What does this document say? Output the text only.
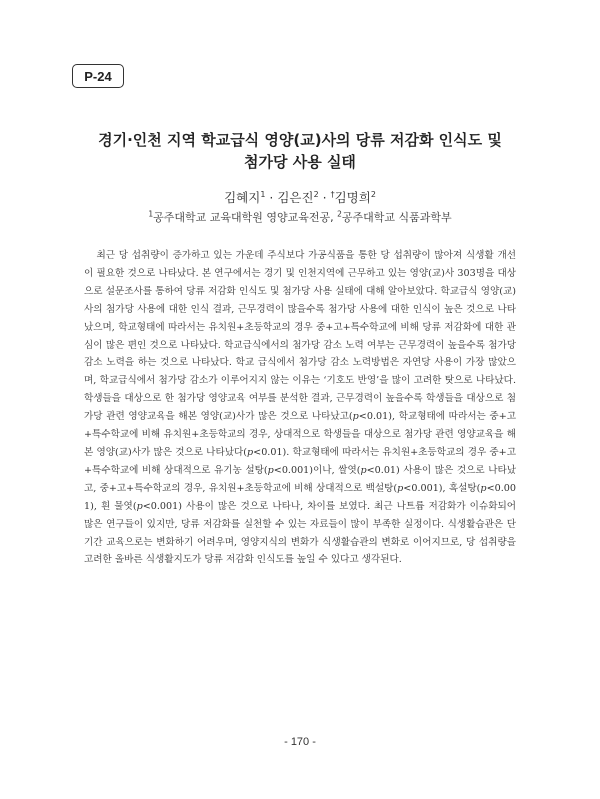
P-24
경기·인천 지역 학교급식 영양(교)사의 당류 저감화 인식도 및
첨가당 사용 실태
김혜지$^1$ · 김은진$^2$ · †김명희$^2$
$^1$공주대학교 교육대학원 영양교육전공, $^2$공주대학교 식품과학부
최근 당 섭취량이 증가하고 있는 가운데 주식보다 가공식품을 통한 당 섭취량이 많아져 식생활 개선이 필요한 것으로 나타났다. 본 연구에서는 경기 및 인천지역에 근무하고 있는 영양(교)사 303명을 대상으로 설문조사를 통하여 당류 저감화 인식도 및 첨가당 사용 실태에 대해 알아보았다. 학교급식 영양(교)사의 첨가당 사용에 대한 인식 결과, 근무경력이 많을수록 첨가당 사용에 대한 인식이 높은 것으로 나타났으며, 학교형태에 따라서는 유치원+초등학교의 경우 중+고+특수학교에 비해 당류 저감화에 대한 관심이 많은 편인 것으로 나타났다. 학교급식에서의 첨가당 감소 노력 여부는 근무경력이 높을수록 첨가당 감소 노력을 하는 것으로 나타났다. 학교 급식에서 첨가당 감소 노력방법은 자연당 사용이 가장 많았으며, 학교급식에서 첨가당 감소가 이루어지지 않는 이유는 ‘기호도 반영’을 많이 고려한 탓으로 나타났다. 학생들을 대상으로 한 첨가당 영양교육 여부를 분석한 결과, 근무경력이 높을수록 학생들을 대상으로 첨가당 관련 영양교육을 해본 영양(교)사가 많은 것으로 나타났고(p<0.01), 학교형태에 따라서는 중+고+특수학교에 비해 유치원+초등학교의 경우, 상대적으로 학생들을 대상으로 첨가당 관련 영양교육을 해본 영양(교)사가 많은 것으로 나타났다(p<0.01). 학교형태에 따라서는 유치원+초등학교의 경우 중+고+특수학교에 비해 상대적으로 유기농 설탕(p<0.001)이나, 쌀엿(p<0.01) 사용이 많은 것으로 나타났고, 중+고+특수학교의 경우, 유치원+초등학교에 비해 상대적으로 백설탕(p<0.001), 흑설탕(p<0.001), 흰 물엿(p<0.001) 사용이 많은 것으로 나타나, 차이를 보였다. 최근 나트륨 저감화가 이슈화되어 많은 연구들이 있지만, 당류 저감화를 실천할 수 있는 자료들이 많이 부족한 실정이다. 식생활습관은 단기간 교육으로는 변화하기 어려우며, 영양지식의 변화가 식생활습관의 변화로 이어지므로, 당 섭취량을 고려한 올바른 식생활지도가 당류 저감화 인식도를 높일 수 있다고 생각된다.
- 170 -
